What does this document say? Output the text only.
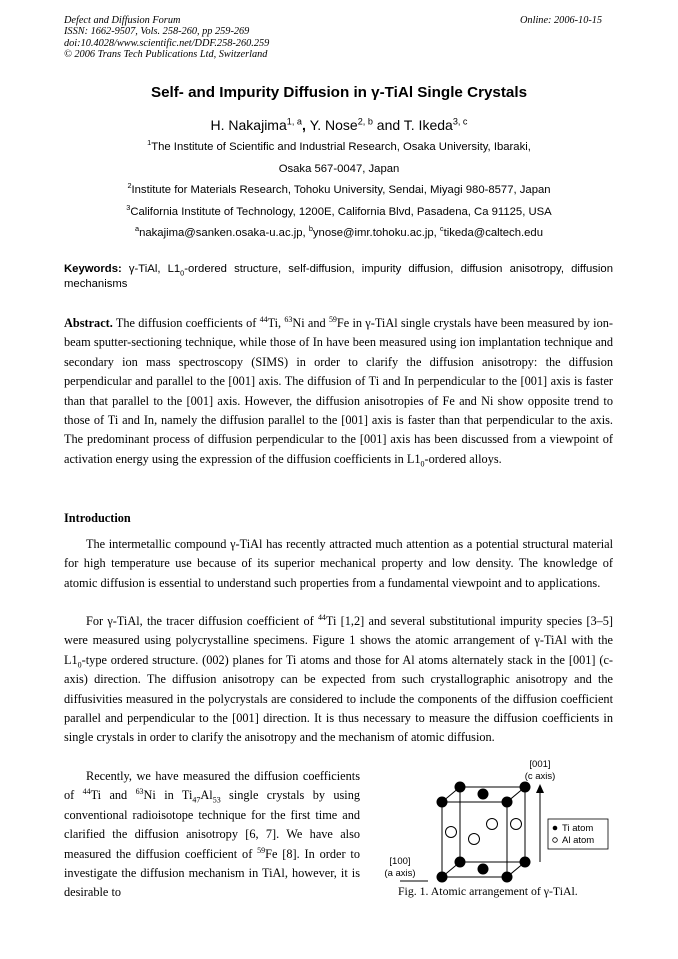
Defect and Diffusion Forum
ISSN: 1662-9507, Vols. 258-260, pp 259-269
doi:10.4028/www.scientific.net/DDF.258-260.259
© 2006 Trans Tech Publications Ltd, Switzerland
Online: 2006-10-15
Self- and Impurity Diffusion in γ-TiAl Single Crystals
H. Nakajima$^{1, a}$, Y. Nose$^{2, b}$ and T. Ikeda$^{3, c}$
$^1$The Institute of Scientific and Industrial Research, Osaka University, Ibaraki,
Osaka 567-0047, Japan
$^2$Institute for Materials Research, Tohoku University, Sendai, Miyagi 980-8577, Japan
$^3$California Institute of Technology, 1200E, California Blvd, Pasadena, Ca 91125, USA
$^a$nakajima@sanken.osaka-u.ac.jp, $^b$ynose@imr.tohoku.ac.jp, $^c$tikeda@caltech.edu
Keywords: γ-TiAl, $L1_0$-ordered structure, self-diffusion, impurity diffusion, diffusion anisotropy, diffusion mechanisms
Abstract. The diffusion coefficients of $^{44}$Ti, $^{63}$Ni and $^{59}$Fe in γ-TiAl single crystals have been measured by ion-beam sputter-sectioning technique, while those of In have been measured using ion implantation technique and secondary ion mass spectroscopy (SIMS) in order to clarify the diffusion anisotropy: the diffusion perpendicular and parallel to the [001] axis. The diffusion of Ti and In perpendicular to the [001] axis is faster than that parallel to the [001] axis. However, the diffusion anisotropies of Fe and Ni show opposite trend to those of Ti and In, namely the diffusion parallel to the [001] axis is faster than that perpendicular to the axis. The predominant process of diffusion perpendicular to the [001] axis has been discussed from a viewpoint of activation energy using the expression of the diffusion coefficients in $L1_0$-ordered alloys.
Introduction
The intermetallic compound γ-TiAl has recently attracted much attention as a potential structural material for high temperature use because of its superior mechanical property and low density. The knowledge of atomic diffusion is essential to understand such properties from a fundamental viewpoint and to applications.
For γ-TiAl, the tracer diffusion coefficient of $^{44}$Ti [1,2] and several substitutional impurity species [3–5] were measured using polycrystalline specimens. Figure 1 shows the atomic arrangement of γ-TiAl with the $L1_0$-type ordered structure. (002) planes for Ti atoms and those for Al atoms alternately stack in the [001] (c-axis) direction. The diffusion anisotropy can be expected from such crystallographic anisotropy and the diffusivities measured in the polycrystals are considered to include the components of the diffusion coefficient parallel and perpendicular to the [001] direction. It is thus necessary to measure the diffusion coefficients in single crystals in order to clarify the anisotropy and the mechanism of atomic diffusion.
Recently, we have measured the diffusion coefficients of $^{44}$Ti and $^{63}$Ni in $Ti_{47}Al_{53}$ single crystals by using conventional radioisotope technique for the first time and clarified the diffusion anisotropy [6, 7]. We have also measured the diffusion coefficient of $^{59}$Fe [8]. In order to investigate the diffusion mechanism in TiAl, however, it is desirable to
[001]
(c axis)
Ti atom
Al atom
[100]
(a axis)
Fig. 1. Atomic arrangement of γ-TiAl.
